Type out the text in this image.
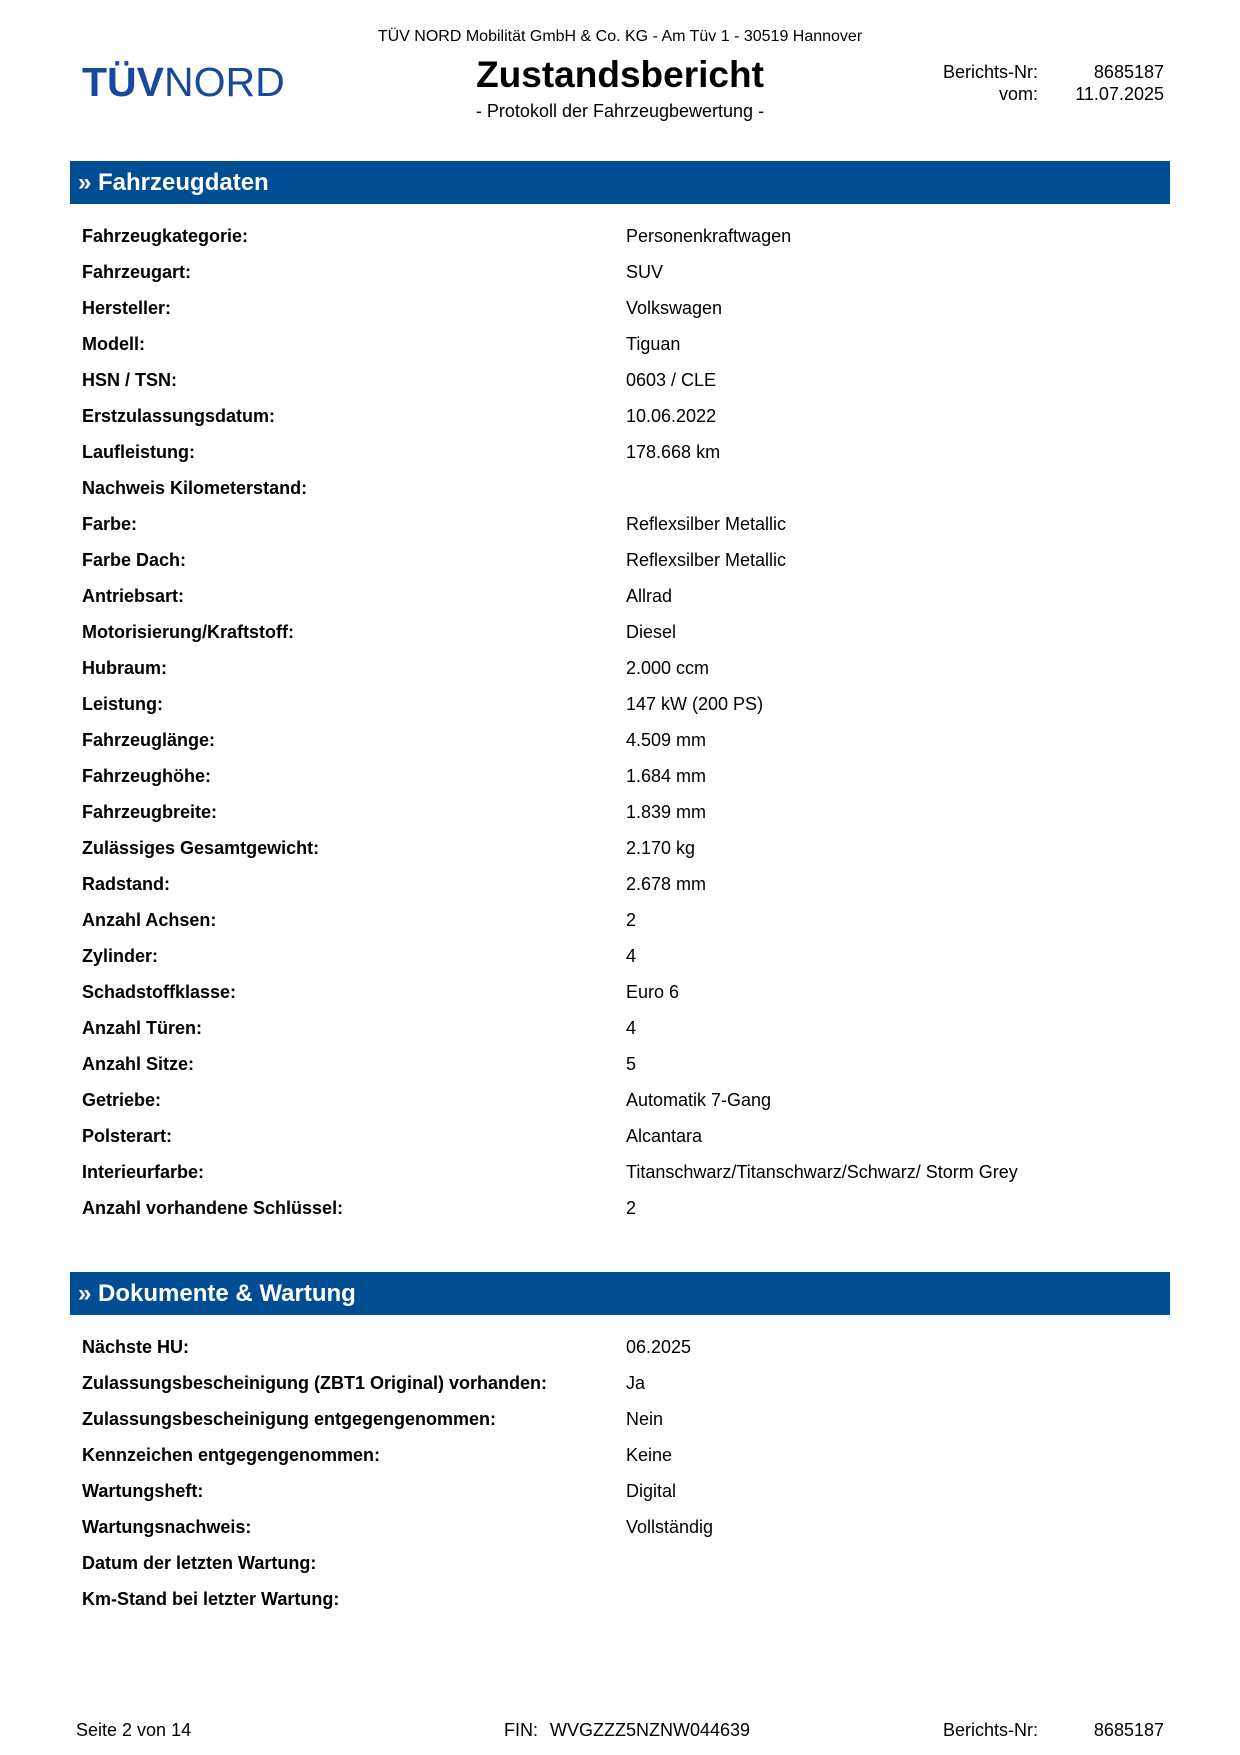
TÜV NORD Mobilität GmbH & Co. KG - Am Tüv 1 - 30519 Hannover
TÜVNORD	Zustandsbericht
- Protokoll der Fahrzeugbewertung -
Berichts-Nr:	8685187
vom:	11.07.2025
» Fahrzeugdaten
Fahrzeugkategorie:	Personenkraftwagen
Fahrzeugart:	SUV
Hersteller:	Volkswagen
Modell:	Tiguan
HSN / TSN:	0603 / CLE
Erstzulassungsdatum:	10.06.2022
Laufleistung:	178.668 km
Nachweis Kilometerstand:
Farbe:	Reflexsilber Metallic
Farbe Dach:	Reflexsilber Metallic
Antriebsart:	Allrad
Motorisierung/Kraftstoff:	Diesel
Hubraum:	2.000 ccm
Leistung:	147 kW (200 PS)
Fahrzeuglänge:	4.509 mm
Fahrzeughöhe:	1.684 mm
Fahrzeugbreite:	1.839 mm
Zulässiges Gesamtgewicht:	2.170 kg
Radstand:	2.678 mm
Anzahl Achsen:	2
Zylinder:	4
Schadstoffklasse:	Euro 6
Anzahl Türen:	4
Anzahl Sitze:	5
Getriebe:	Automatik 7-Gang
Polsterart:	Alcantara
Interieurfarbe:	Titanschwarz/Titanschwarz/Schwarz/ Storm Grey
Anzahl vorhandene Schlüssel:	2
» Dokumente & Wartung
Nächste HU:	06.2025
Zulassungsbescheinigung (ZBT1 Original) vorhanden:	Ja
Zulassungsbescheinigung entgegengenommen:	Nein
Kennzeichen entgegengenommen:	Keine
Wartungsheft:	Digital
Wartungsnachweis:	Vollständig
Datum der letzten Wartung:
Km-Stand bei letzter Wartung:
Seite 2 von 14	FIN: WVGZZZ5NZNW044639	Berichts-Nr:	8685187
